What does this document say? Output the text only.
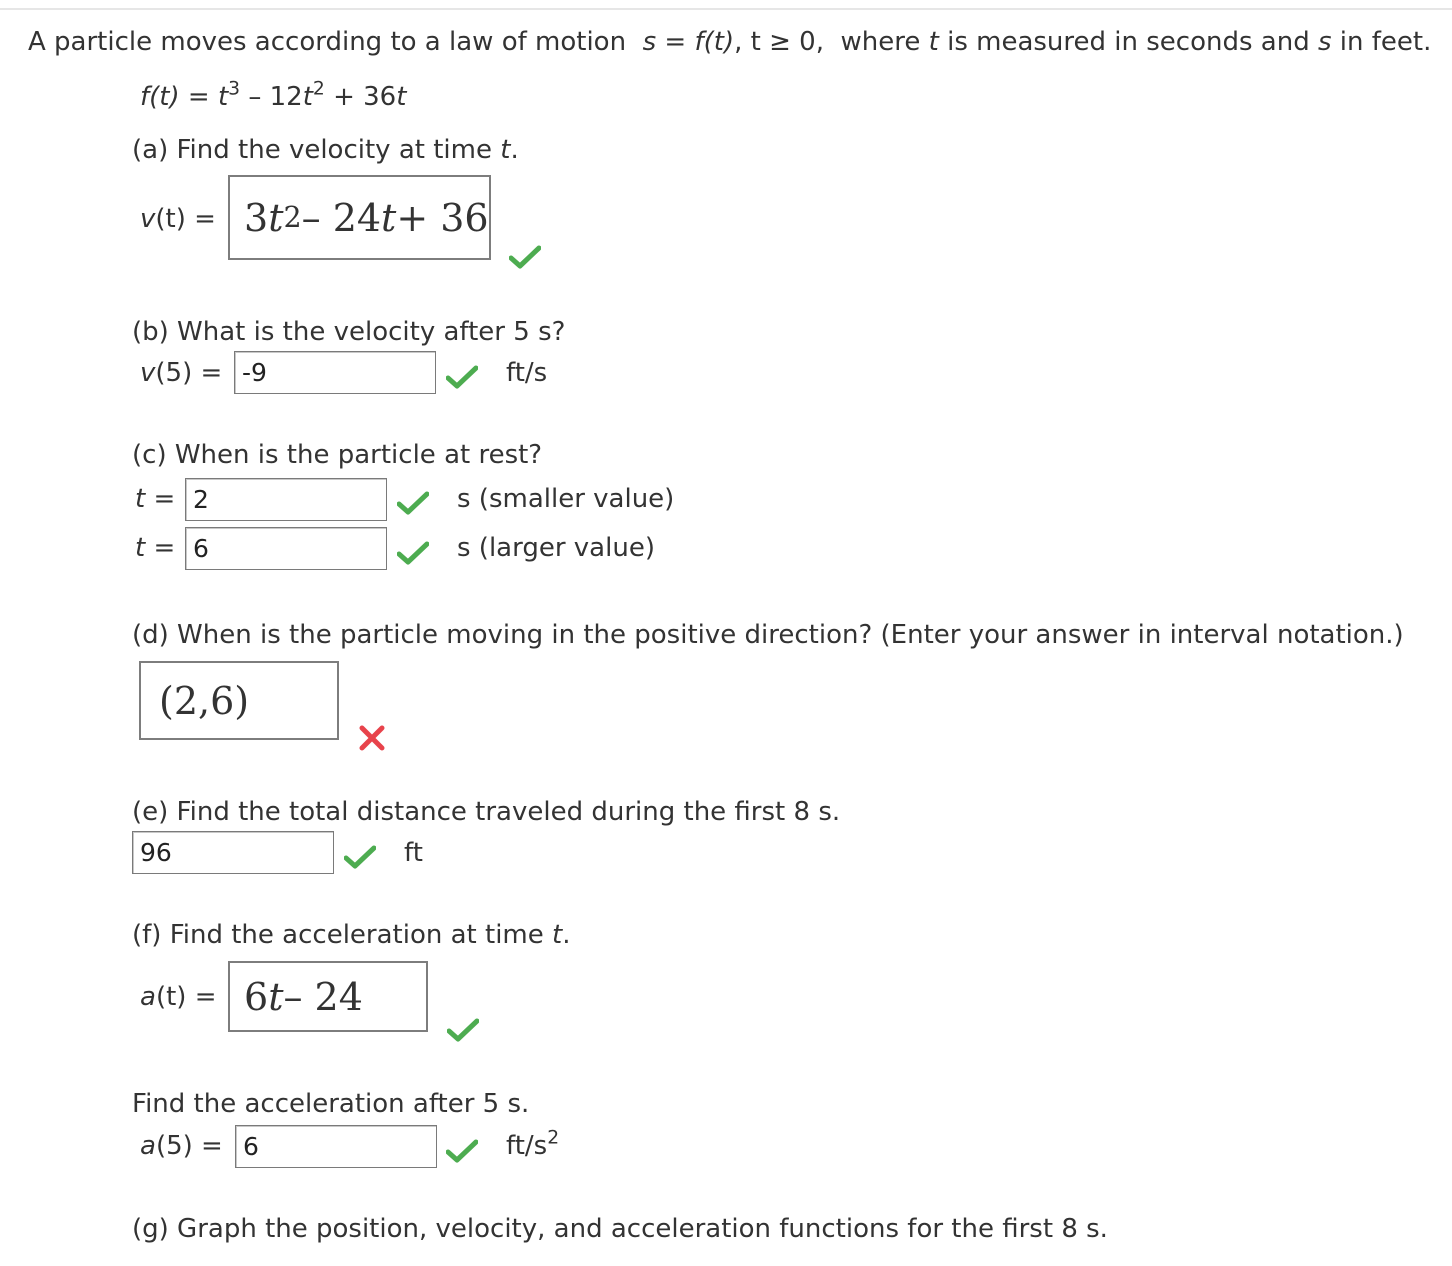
A particle moves according to a law of motion s = f(t), t ≥ 0, where t is measured in seconds and s in feet.
$f(t) = t^3 - 12t^2 + 36t$
(a) Find the velocity at time t.
v(t) = 3 t 2 – 24 t + 36
(b) What is the velocity after 5 s?
v(5) = -9	ft/s
(c) When is the particle at rest?
t = 2	s (smaller value)
t = 6	s (larger value)
(d) When is the particle moving in the positive direction? (Enter your answer in interval notation.)
(2,6)
(e) Find the total distance traveled during the first 8 s.
96	ft
(f) Find the acceleration at time t.
a(t) = 6 t – 24
Find the acceleration after 5 s.
a(5) = 6	$ft/s^2$
(g) Graph the position, velocity, and acceleration functions for the first 8 s.
